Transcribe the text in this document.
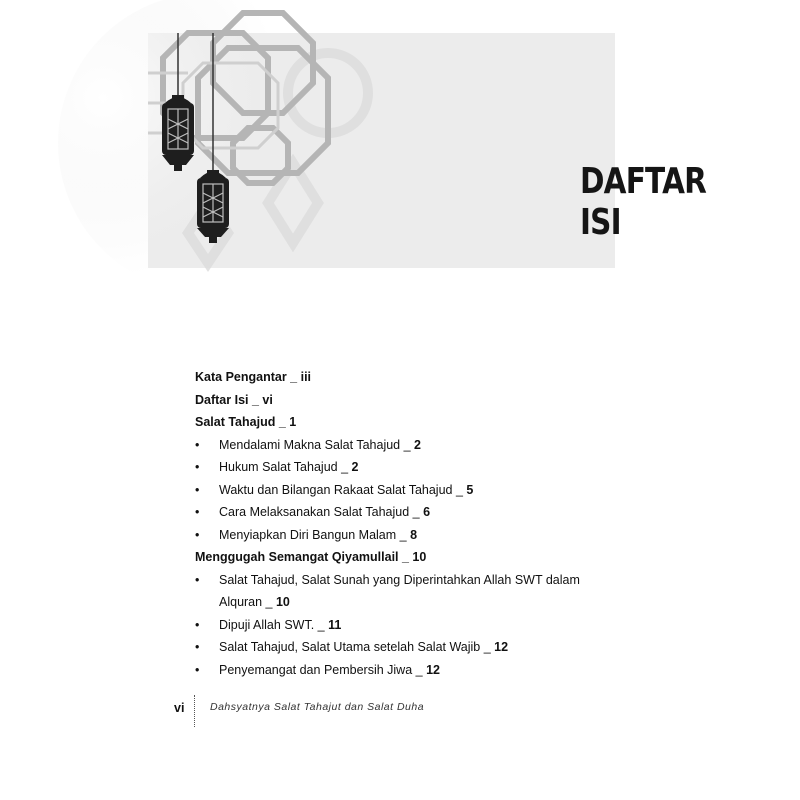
DAFTAR ISI
Kata Pengantar _ iii
Daftar Isi _ vi
Salat Tahajud _ 1
• Mendalami Makna Salat Tahajud _ 2
• Hukum Salat Tahajud _ 2
• Waktu dan Bilangan Rakaat Salat Tahajud _ 5
• Cara Melaksanakan Salat Tahajud _ 6
• Menyiapkan Diri Bangun Malam _ 8
Menggugah Semangat Qiyamullail _ 10
• Salat Tahajud, Salat Sunah yang Diperintahkan Allah SWT dalam
Alquran _ 10
• Dipuji Allah SWT. _ 11
• Salat Tahajud, Salat Utama setelah Salat Wajib _ 12
• Penyemangat dan Pembersih Jiwa _ 12
vi Dahsyatnya Salat Tahajut dan Salat Duha
